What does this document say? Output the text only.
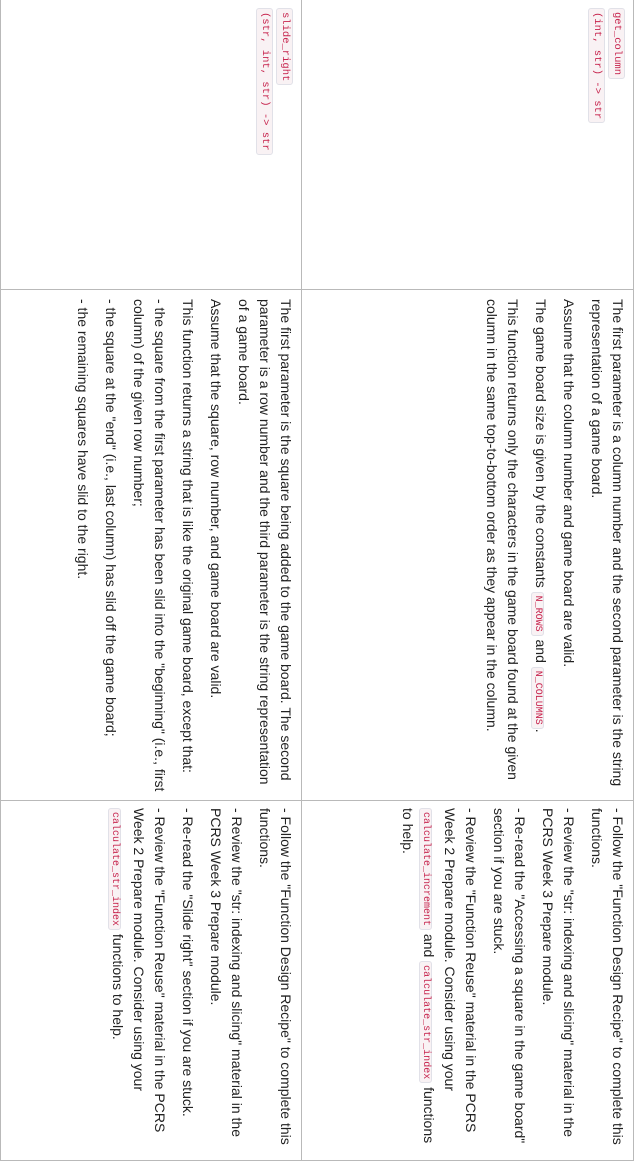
get_column
(int, str) -> str

The first parameter is a column number and the second parameter is the string representation of a game board.

Assume that the column number and game board are valid.

The game board size is given by the constants N_ROWS and N_COLUMNS.

This function returns only the characters in the game board found at the given column in the same top-to-bottom order as they appear in the column.

- Follow the "Function Design Recipe" to complete this functions.

- Review the "str: indexing and slicing" material in the PCRS Week 3 Prepare module.

- Re-read the "Accessing a square in the game board" section if you are stuck.

- Review the "Function Reuse" material in the PCRS Week 2 Prepare module. Consider using your calculate_increment and calculate_str_index functions to help.

slide_right
(str, int, str) -> str

The first parameter is the square being added to the game board. The second parameter is a row number and the third parameter is the string representation of a game board.

Assume that the square, row number, and game board are valid.

This function returns a string that is like the original game board, except that:

- the square from the first parameter has been slid into the "beginning" (i.e., first column) of the given row number;

- the square at the "end" (i.e., last column) has slid off the game board;

- the remaining squares have slid to the right.

- Follow the "Function Design Recipe" to complete this functions.

- Review the "str: indexing and slicing" material in the PCRS Week 3 Prepare module.

- Re-read the "Slide right" section if you are stuck.

- Review the "Function Reuse" material in the PCRS Week 2 Prepare module. Consider using your calculate_str_index functions to help.
